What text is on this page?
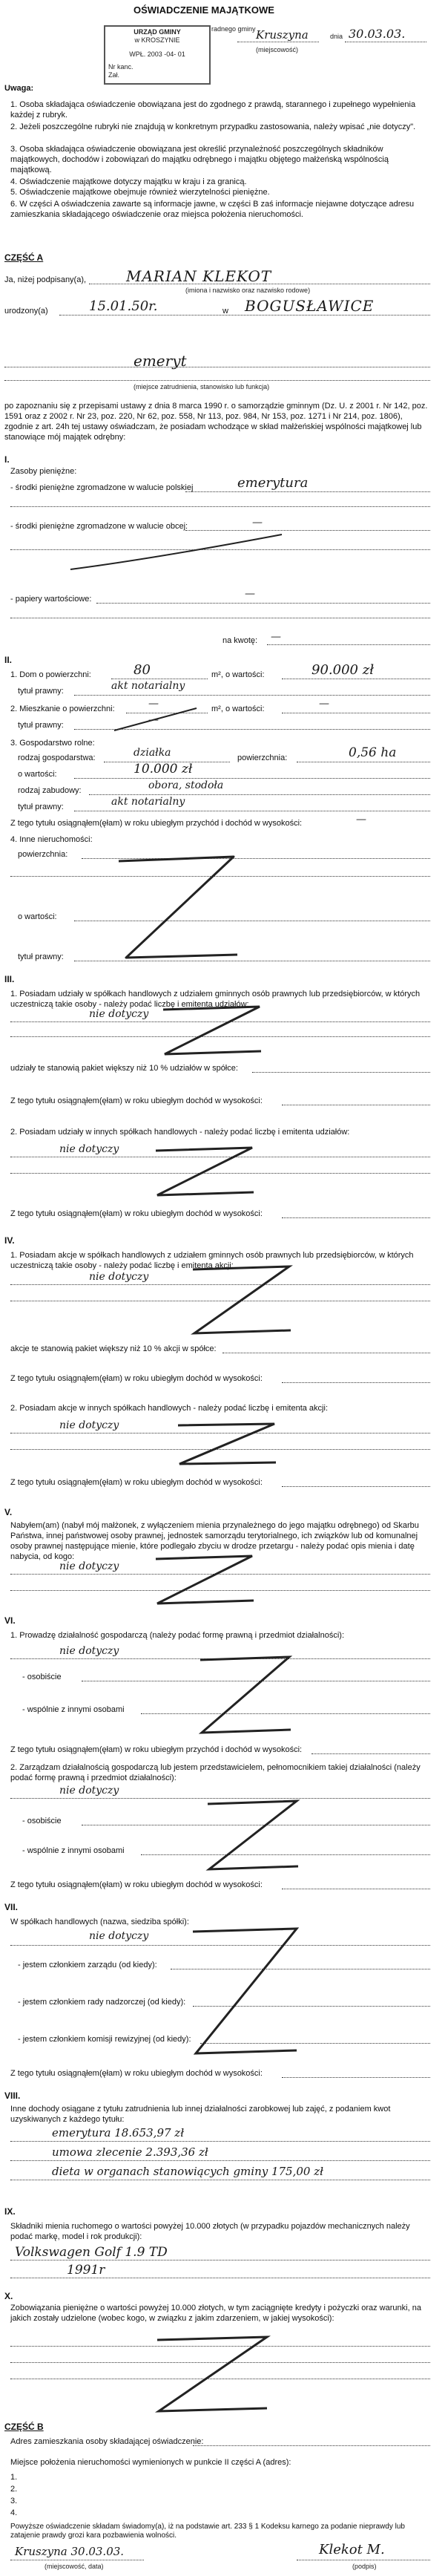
OŚWIADCZENIE MAJĄTKOWE
URZĄD GMINY
w KROSZYNIE
WPŁ. 2003 -04- 01
Nr kanc.
Zał.
radnego gminy Kruszyna
(miejscowość)
dnia 30.03.03.
Uwaga:
1. Osoba składająca oświadczenie obowiązana jest do zgodnego z prawdą, starannego i zupełnego wypełnienia każdej z rubryk.
2. Jeżeli poszczególne rubryki nie znajdują w konkretnym przypadku zastosowania, należy wpisać „nie dotyczy".
3. Osoba składająca oświadczenie obowiązana jest określić przynależność poszczególnych składników majątkowych, dochodów i zobowiązań do majątku odrębnego i majątku objętego małżeńską wspólnością majątkową.
4. Oświadczenie majątkowe dotyczy majątku w kraju i za granicą.
5. Oświadczenie majątkowe obejmuje również wierzytelności pieniężne.
6. W części A oświadczenia zawarte są informacje jawne, w części B zaś informacje niejawne dotyczące adresu zamieszkania składającego oświadczenie oraz miejsca położenia nieruchomości.
CZĘŚĆ A
Ja, niżej podpisany(a),	MARIAN KLEKOT
(imiona i nazwisko oraz nazwisko rodowe)
urodzony(a)	15.01.50r.	w BOGUSŁAWICE
emeryt
(miejsce zatrudnienia, stanowisko lub funkcja)
po zapoznaniu się z przepisami ustawy z dnia 8 marca 1990 r. o samorządzie gminnym (Dz. U. z 2001 r. Nr 142, poz. 1591 oraz z 2002 r. Nr 23, poz. 220, Nr 62, poz. 558, Nr 113, poz. 984, Nr 153, poz. 1271 i Nr 214, poz. 1806), zgodnie z art. 24h tej ustawy oświadczam, że posiadam wchodzące w skład małżeńskiej wspólności majątkowej lub stanowiące mój majątek odrębny:
I.
Zasoby pieniężne:
- środki pieniężne zgromadzone w walucie polskiej	emerytura
- środki pieniężne zgromadzone w walucie obcej:	—
- papiery wartościowe:	—
na kwotę: —
II.
1. Dom o powierzchni:	80	m², o wartości:	90.000 zł
tytuł prawny:	akt notarialny
2. Mieszkanie o powierzchni:	—	m², o wartości:	—
tytuł prawny:	—
3. Gospodarstwo rolne:
rodzaj gospodarstwa:	działka	powierzchnia:	0,56 ha
o wartości:	10.000 zł
rodzaj zabudowy:	obora, stodoła
tytuł prawny:	akt notarialny
Z tego tytułu osiągnąłem(ęłam) w roku ubiegłym przychód i dochód w wysokości:	—
4. Inne nieruchomości:
powierzchnia:
o wartości:
tytuł prawny:
III.
1. Posiadam udziały w spółkach handlowych z udziałem gminnych osób prawnych lub przedsiębiorców, w których uczestniczą takie osoby - należy podać liczbę i emitenta udziałów:
nie dotyczy
udziały te stanowią pakiet większy niż 10 % udziałów w spółce:
Z tego tytułu osiągnąłem(ęłam) w roku ubiegłym dochód w wysokości:
2. Posiadam udziały w innych spółkach handlowych - należy podać liczbę i emitenta udziałów:
nie dotyczy
Z tego tytułu osiągnąłem(ęłam) w roku ubiegłym dochód w wysokości:
IV.
1. Posiadam akcje w spółkach handlowych z udziałem gminnych osób prawnych lub przedsiębiorców, w których uczestniczą takie osoby - należy podać liczbę i emitenta akcji:
nie dotyczy
akcje te stanowią pakiet większy niż 10 % akcji w spółce:
Z tego tytułu osiągnąłem(ęłam) w roku ubiegłym dochód w wysokości:
2. Posiadam akcje w innych spółkach handlowych - należy podać liczbę i emitenta akcji:
nie dotyczy
Z tego tytułu osiągnąłem(ęłam) w roku ubiegłym dochód w wysokości:
V.
Nabyłem(am) (nabył mój małżonek, z wyłączeniem mienia przynależnego do jego majątku odrębnego) od Skarbu Państwa, innej państwowej osoby prawnej, jednostek samorządu terytorialnego, ich związków lub od komunalnej osoby prawnej następujące mienie, które podlegało zbyciu w drodze przetargu - należy podać opis mienia i datę nabycia, od kogo:
nie dotyczy
VI.
1. Prowadzę działalność gospodarczą (należy podać formę prawną i przedmiot działalności):
nie dotyczy
- osobiście
- wspólnie z innymi osobami
Z tego tytułu osiągnąłem(ęłam) w roku ubiegłym przychód i dochód w wysokości:
2. Zarządzam działalnością gospodarczą lub jestem przedstawicielem, pełnomocnikiem takiej działalności (należy podać formę prawną i przedmiot działalności):
nie dotyczy
- osobiście
- wspólnie z innymi osobami
Z tego tytułu osiągnąłem(ęłam) w roku ubiegłym dochód w wysokości:
VII.
W spółkach handlowych (nazwa, siedziba spółki):
nie dotyczy
- jestem członkiem zarządu (od kiedy):
- jestem członkiem rady nadzorczej (od kiedy):
- jestem członkiem komisji rewizyjnej (od kiedy):
Z tego tytułu osiągnąłem(ęłam) w roku ubiegłym dochód w wysokości:
VIII.
Inne dochody osiągane z tytułu zatrudnienia lub innej działalności zarobkowej lub zajęć, z podaniem kwot uzyskiwanych z każdego tytułu:
emerytura 18.653,97 zł
umowa zlecenie 2.393,36 zł
dieta w organach stanowiących gminy 175,00 zł
IX.
Składniki mienia ruchomego o wartości powyżej 10.000 złotych (w przypadku pojazdów mechanicznych należy podać markę, model i rok produkcji):
Volkswagen Golf 1.9 TD
1991r
X.
Zobowiązania pieniężne o wartości powyżej 10.000 złotych, w tym zaciągnięte kredyty i pożyczki oraz warunki, na jakich zostały udzielone (wobec kogo, w związku z jakim zdarzeniem, w jakiej wysokości):
CZĘŚĆ B
Adres zamieszkania osoby składającej oświadczenie:
Miejsce położenia nieruchomości wymienionych w punkcie II części A (adres):
1.
2.
3.
4.
Powyższe oświadczenie składam świadomy(a), iż na podstawie art. 233 § 1 Kodeksu karnego za podanie nieprawdy lub zatajenie prawdy grozi kara pozbawienia wolności.
Kruszyna 30.03.03.
(miejscowość, data)
Klekot M.
(podpis)
